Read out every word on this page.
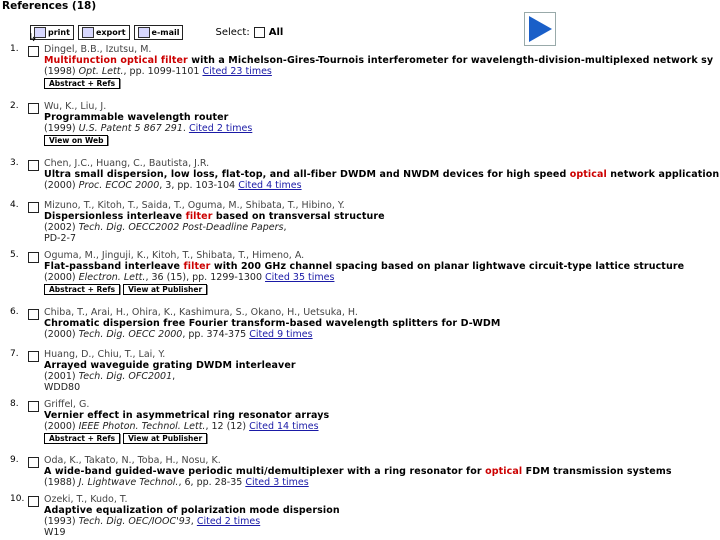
References (18)
print	export	e-mail	Select: All
↳
1.	Dingel, B.B., Izutsu, M.
Multifunction optical filter with a Michelson-Gires-Tournois interferometer for wavelength-division-multiplexed network sy
(1998) Opt. Lett., pp. 1099-1101 Cited 23 times
Abstract + Refs
2.	Wu, K., Liu, J.
Programmable wavelength router
(1999) U.S. Patent 5 867 291. Cited 2 times
View on Web
3.	Chen, J.C., Huang, C., Bautista, J.R.
Ultra small dispersion, low loss, flat-top, and all-fiber DWDM and NWDM devices for high speed optical network application
(2000) Proc. ECOC 2000, 3, pp. 103-104 Cited 4 times
4.	Mizuno, T., Kitoh, T., Saida, T., Oguma, M., Shibata, T., Hibino, Y.
Dispersionless interleave filter based on transversal structure
(2002) Tech. Dig. OECC2002 Post-Deadline Papers,
PD-2-7
5.	Oguma, M., Jinguji, K., Kitoh, T., Shibata, T., Himeno, A.
Flat-passband interleave filter with 200 GHz channel spacing based on planar lightwave circuit-type lattice structure
(2000) Electron. Lett., 36 (15), pp. 1299-1300 Cited 35 times
Abstract + Refs	View at Publisher
6.	Chiba, T., Arai, H., Ohira, K., Kashimura, S., Okano, H., Uetsuka, H.
Chromatic dispersion free Fourier transform-based wavelength splitters for D-WDM
(2000) Tech. Dig. OECC 2000, pp. 374-375 Cited 9 times
7.	Huang, D., Chiu, T., Lai, Y.
Arrayed waveguide grating DWDM interleaver
(2001) Tech. Dig. OFC2001,
WDD80
8.	Griffel, G.
Vernier effect in asymmetrical ring resonator arrays
(2000) IEEE Photon. Technol. Lett., 12 (12) Cited 14 times
Abstract + Refs	View at Publisher
9.	Oda, K., Takato, N., Toba, H., Nosu, K.
A wide-band guided-wave periodic multi/demultiplexer with a ring resonator for optical FDM transmission systems
(1988) J. Lightwave Technol., 6, pp. 28-35 Cited 3 times
10. Ozeki, T., Kudo, T.
Adaptive equalization of polarization mode dispersion
(1993) Tech. Dig. OEC/IOOC'93, Cited 2 times
W19
